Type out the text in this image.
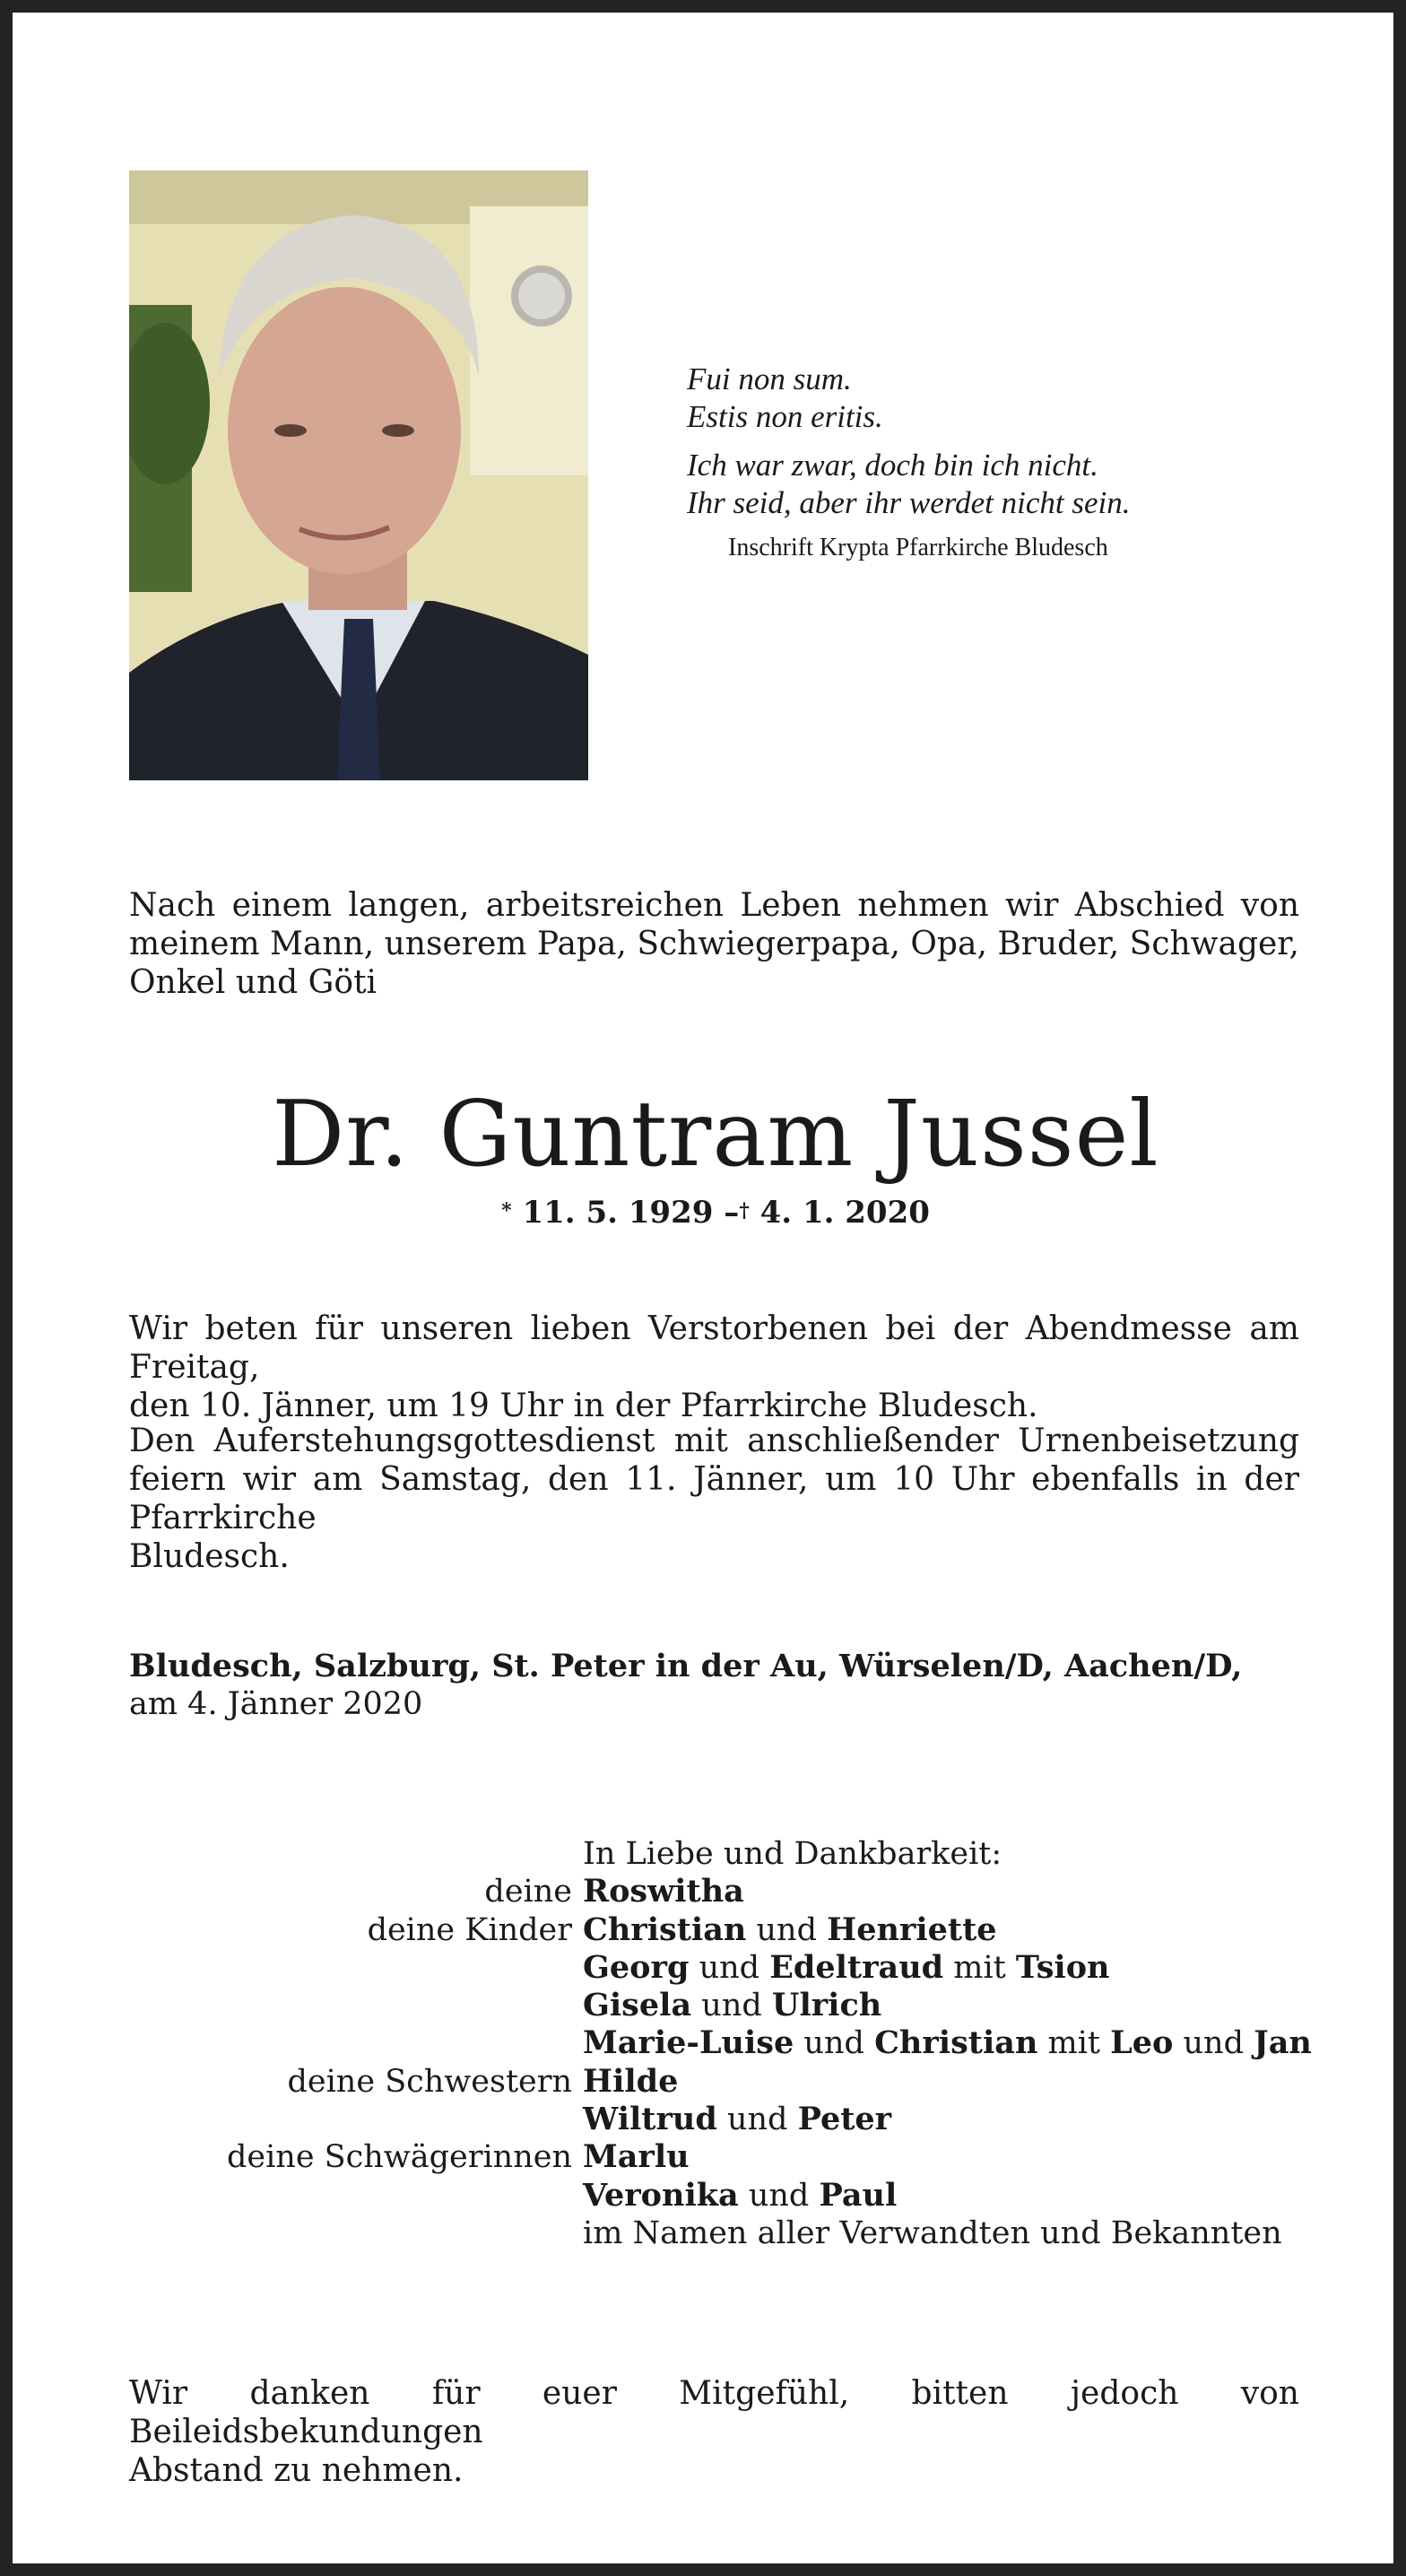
Fui non sum.
Estis non eritis.
Ich war zwar, doch bin ich nicht.
Ihr seid, aber ihr werdet nicht sein.
Inschrift Krypta Pfarrkirche Bludesch
Nach einem langen, arbeitsreichen Leben nehmen wir Abschied von
meinem Mann, unserem Papa, Schwiegerpapa, Opa, Bruder, Schwager,
Onkel und Göti
Dr. Guntram Jussel
* 11. 5. 1929 –† 4. 1. 2020
Wir beten für unseren lieben Verstorbenen bei der Abendmesse am Freitag,
den 10. Jänner, um 19 Uhr in der Pfarrkirche Bludesch.
Den Auferstehungsgottesdienst mit anschließender Urnenbeisetzung
feiern wir am Samstag, den 11. Jänner, um 10 Uhr ebenfalls in der Pfarrkirche
Bludesch.
Bludesch, Salzburg, St. Peter in der Au, Würselen/D, Aachen/D,
am 4. Jänner 2020
In Liebe und Dankbarkeit:
deine Roswitha
deine Kinder Christian und Henriette
Georg und Edeltraud mit Tsion
Gisela und Ulrich
Marie-Luise und Christian mit Leo und Jan
deine Schwestern Hilde
Wiltrud und Peter
deine Schwägerinnen Marlu
Veronika und Paul
im Namen aller Verwandten und Bekannten
Wir danken für euer Mitgefühl, bitten jedoch von Beileidsbekundungen
Abstand zu nehmen.
